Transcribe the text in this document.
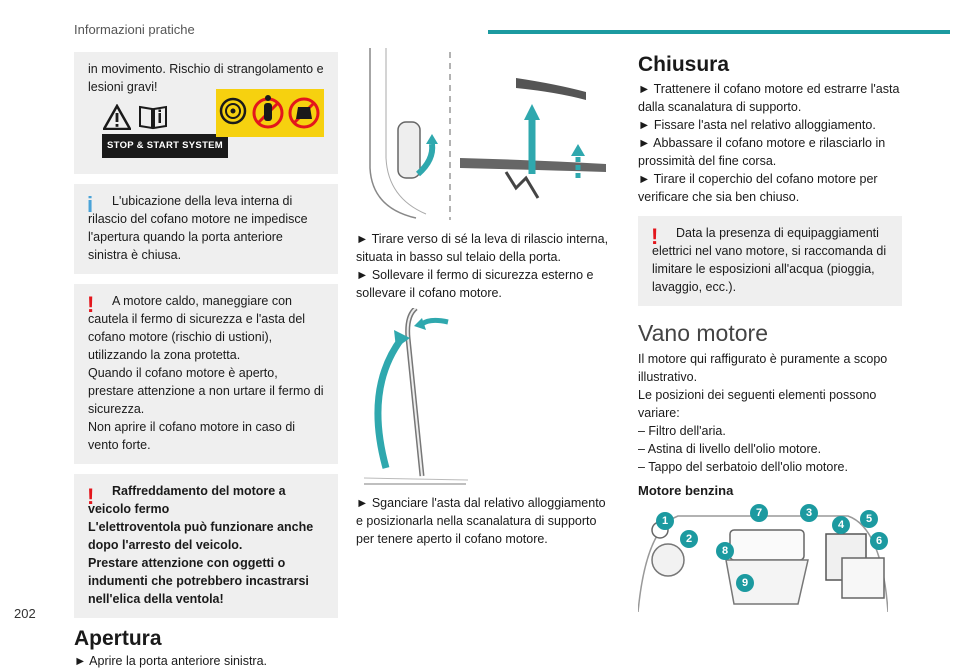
Informazioni pratiche

in movimento. Rischio di strangolamento e lesioni gravi!

STOP & START SYSTEM
i	L'ubicazione della leva interna di rilascio del cofano motore ne impedisce l'apertura quando la porta anteriore sinistra è chiusa.

!	A motore caldo, maneggiare con cautela il fermo di sicurezza e l'asta del cofano motore (rischio di ustioni), utilizzando la zona protetta.

Quando il cofano motore è aperto, prestare attenzione a non urtare il fermo di sicurezza.

Non aprire il cofano motore in caso di vento forte.

!	Raffreddamento del motore a veicolo fermo

L'elettroventola può funzionare anche dopo l'arresto del veicolo.

Prestare attenzione con oggetti o indumenti che potrebbero incastrarsi nell'elica della ventola!

Apertura

► Aprire la porta anteriore sinistra.

► Tirare verso di sé la leva di rilascio interna, situata in basso sul telaio della porta.

► Sollevare il fermo di sicurezza esterno e sollevare il cofano motore.

► Sganciare l'asta dal relativo alloggiamento e posizionarla nella scanalatura di supporto per tenere aperto il cofano motore.

Chiusura

► Trattenere il cofano motore ed estrarre l'asta dalla scanalatura di supporto.

► Fissare l'asta nel relativo alloggiamento.

► Abbassare il cofano motore e rilasciarlo in prossimità del fine corsa.

► Tirare il coperchio del cofano motore per verificare che sia ben chiuso.

!	Data la presenza di equipaggiamenti elettrici nel vano motore, si raccomanda di limitare le esposizioni all'acqua (pioggia, lavaggio, ecc.).

Vano motore

Il motore qui raffigurato è puramente a scopo illustrativo.

Le posizioni dei seguenti elementi possono variare:

– Filtro dell'aria.

– Astina di livello dell'olio motore.

– Tappo del serbatoio dell'olio motore.

Motore benzina

1
2
3
4	5
6
7
8
9
202
